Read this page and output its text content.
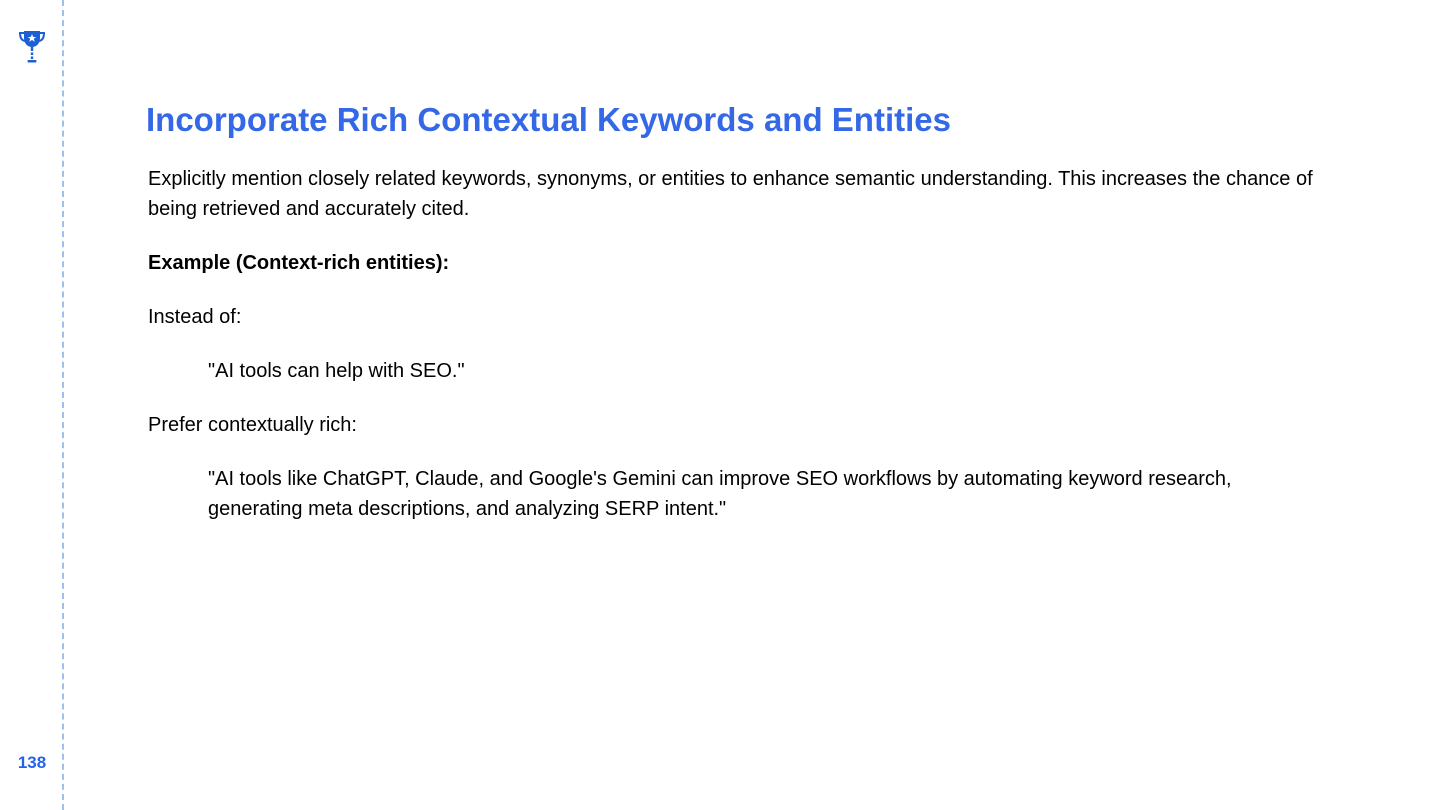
138
Incorporate Rich Contextual Keywords and Entities

Explicitly mention closely related keywords, synonyms, or entities to enhance semantic understanding. This increases the chance of being retrieved and accurately cited.

Example (Context-rich entities):

Instead of:

"AI tools can help with SEO."

Prefer contextually rich:

"AI tools like ChatGPT, Claude, and Google's Gemini can improve SEO workflows by automating keyword research, generating meta descriptions, and analyzing SERP intent."
